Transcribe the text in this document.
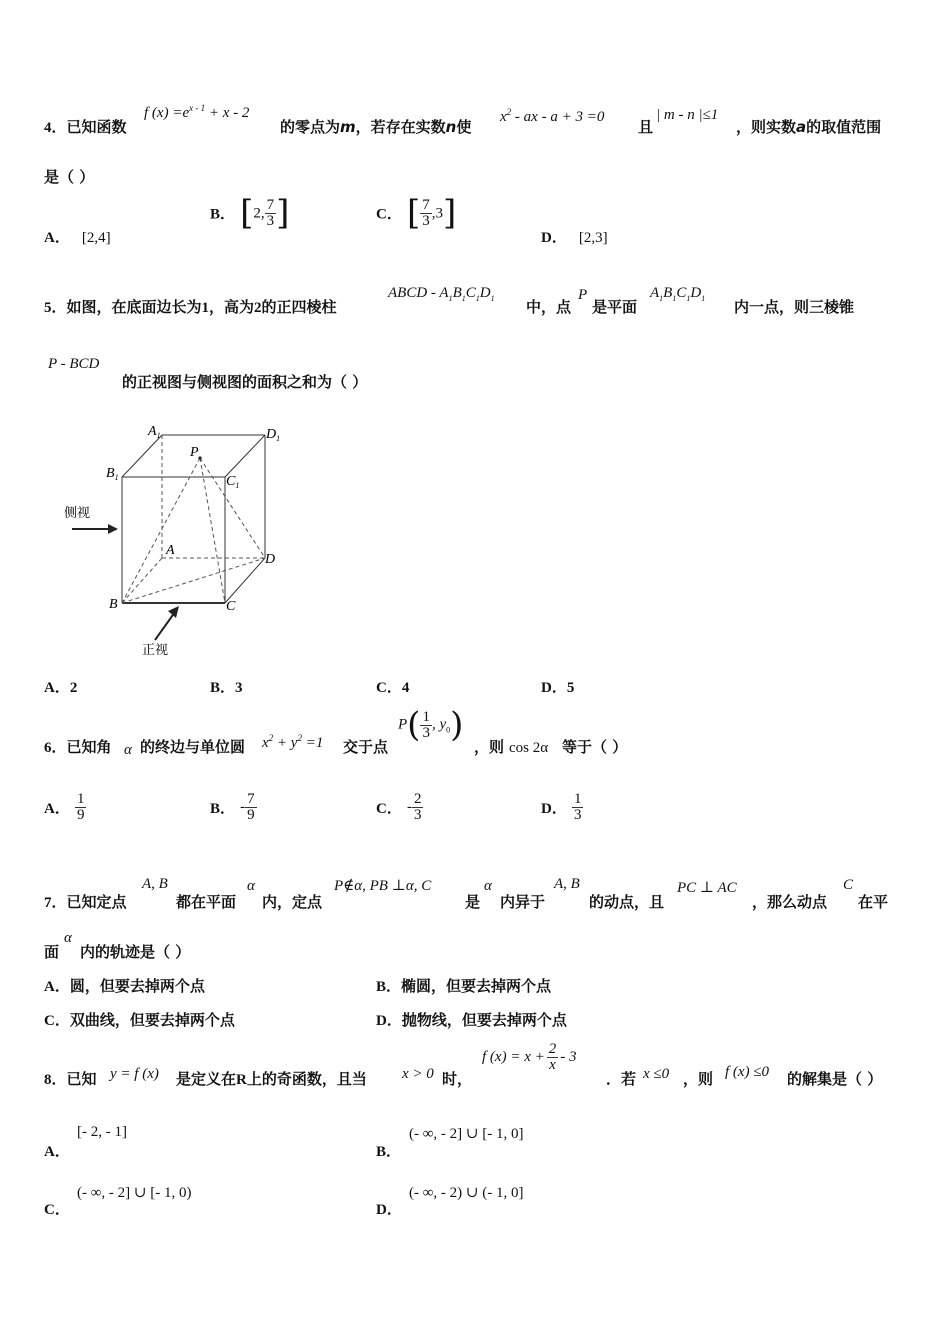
4．已知函数
f $(x) =e^{x - 1} + x - 2$
的零点为m，若存在实数n使
$x^2$ - ax - a + 3 =0
且
| m - n |≤1
，则实数a的取值范围
是（ ）
A． [2,4]
B． [2, $\frac{7}{3}$ ]	C． [ $\frac{7}{3} ,3$]
D． [2,3]
5．如图，在底面边长为1，高为2的正四棱柱
ABCD - $A_1B_1C_1D_1$ 中，点
P
是平面
$A_1B_1C_1D_1$ 内一点，则三棱锥
P - BCD
的正视图与侧视图的面积之和为（ ）
$A_1$	$D_1$
$B_1$	$C_1$
P
A
D
B	C
侧视
正视
A．2	B．3	C．4	D．5
6．已知角 α 的终边与单位圆 $x^2 + y^2 =1$ 交于点
$P( \frac{1}{3}$ , $y_0$)
，则 cos 2α 等于（ ）
A． $\frac{1}{9}$	B． - $\frac{7}{9}$	C． - $\frac{2}{3}$	D． $\frac{1}{3}$
7．已知定点
A, B
都在平面
α
内，定点
P∉α, PB ⊥α, C
是
α
内异于
A, B
的动点，且
PC ⊥ AC
，那么动点
C
在平
面
α
内的轨迹是（ ）
A．圆，但要去掉两个点	B．椭圆，但要去掉两个点
C．双曲线，但要去掉两个点	D．抛物线，但要去掉两个点
8．已知 y = f (x) 是定义在R上的奇函数，且当 x > 0 时，
f $(x) = x + \frac{2}{x} - 3$
．若 x ≤0 ，则 f (x) ≤0 的解集是（ ）
A．
[- 2, - 1]
B．
(- ∞, - 2] ∪ [- 1, 0]
C．
(- ∞, - 2] ∪ [- 1, 0)
D．
(- ∞, - 2) ∪ (- 1, 0]
